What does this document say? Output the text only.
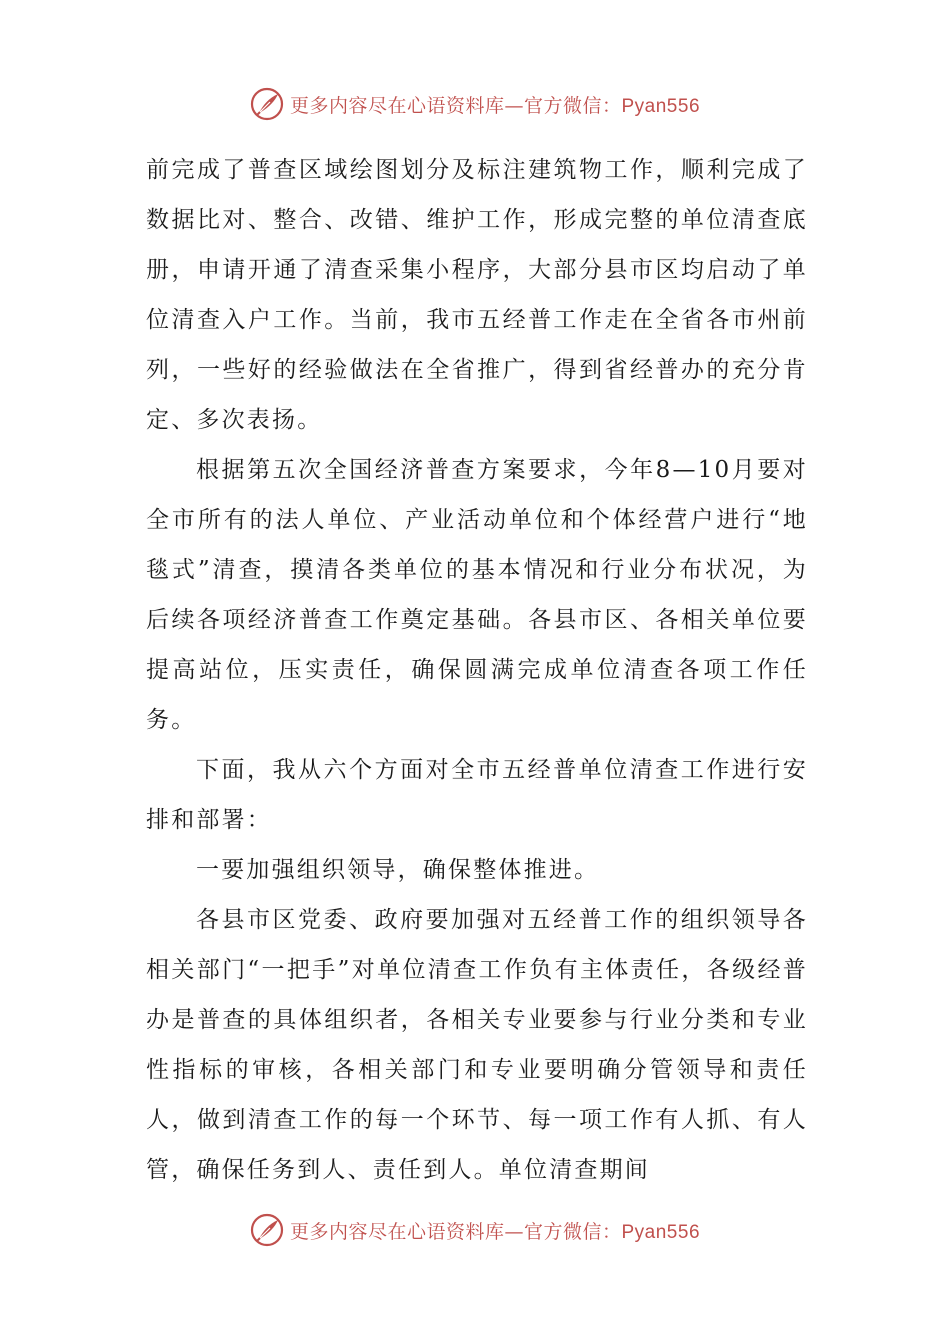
更多内容尽在心语资料库—官方微信：Pyan556

前完成了普查区域绘图划分及标注建筑物工作，顺利完成了数据比对、整合、改错、维护工作，形成完整的单位清查底册，申请开通了清查采集小程序，大部分县市区均启动了单位清查入户工作。当前，我市五经普工作走在全省各市州前列，一些好的经验做法在全省推广，得到省经普办的充分肯定、多次表扬。

根据第五次全国经济普查方案要求，今年8—10月要对全市所有的法人单位、产业活动单位和个体经营户进行“地毯式”清查，摸清各类单位的基本情况和行业分布状况，为后续各项经济普查工作奠定基础。各县市区、各相关单位要提高站位，压实责任，确保圆满完成单位清查各项工作任务。

下面，我从六个方面对全市五经普单位清查工作进行安排和部署：

一要加强组织领导，确保整体推进。

各县市区党委、政府要加强对五经普工作的组织领导各相关部门“一把手”对单位清查工作负有主体责任，各级经普办是普查的具体组织者，各相关专业要参与行业分类和专业性指标的审核，各相关部门和专业要明确分管领导和责任人，做到清查工作的每一个环节、每一项工作有人抓、有人管，确保任务到人、责任到人。单位清查期间

更多内容尽在心语资料库—官方微信：Pyan556
